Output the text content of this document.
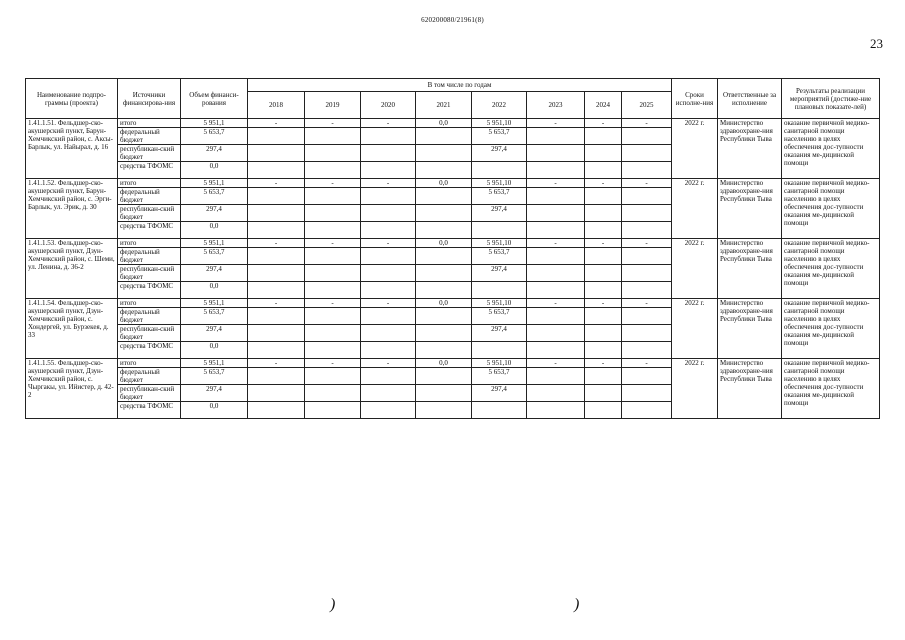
620200080/21961(8)
23
Наименование подпро-граммы (проекта)	Источники финансирова-ния	Объем финанси-рования	В том числе по годам								Сроки исполне-ния	Ответственные за исполнение	Результаты реализации мероприятий (достиже-ние плановых показате-лей)
			2018	2019	2020	2021	2022	2023	2024	2025			
1.41.1.51. Фельдшер-ско-акушерский пункт, Барун-Хемчикский район, с. Аксы-Барлык, ул. Найырал, д. 16	итого	5 951,1	-	-	-	0,0	5 951,10	-	-	-	2022 г.	Министерство здравоохране-ния Республики Тыва	оказание первичной медико-санитарной помощи населению в целях обеспечения дос-тупности оказания ме-дицинской помощи
	федеральный бюджет	5 653,7					5 653,7						
	республикан-ский бюджет	297,4					297,4						
	средства ТФОМС	0,0											
1.41.1.52. Фельдшер-ско-акушерский пункт, Барун-Хемчикский район, с. Эрги-Барлык, ул. Эрик, д. 30	итого	5 951,1	-	-	-	0,0	5 951,10	-	-	-	2022 г.	Министерство здравоохране-ния Республики Тыва	оказание первичной медико-санитарной помощи населению в целях обеспечения дос-тупности оказания ме-дицинской помощи
	федеральный бюджет	5 653,7					5 653,7						
	республикан-ский бюджет	297,4					297,4						
	средства ТФОМС	0,0											
1.41.1.53. Фельдшер-ско-акушерский пункт, Дзун-Хемчикский район, с. Шеми, ул. Ленина, д. 36-2	итого	5 951,1	-	-	-	0,0	5 951,10	-	-	-	2022 г.	Министерство здравоохране-ния Республики Тыва	оказание первичной медико-санитарной помощи населению в целях обеспечения дос-тупности оказания ме-дицинской помощи
	федеральный бюджет	5 653,7					5 653,7						
	республикан-ский бюджет	297,4					297,4						
	средства ТФОМС	0,0											
1.41.1.54. Фельдшер-ско-акушерский пункт, Дзун-Хемчикский район, с. Хондергей, ул. Бурзекея, д. 33	итого	5 951,1	-	-	-	0,0	5 951,10	-	-	-	2022 г.	Министерство здравоохране-ния Республики Тыва	оказание первичной медико-санитарной помощи населению в целях обеспечения дос-тупности оказания ме-дицинской помощи
	федеральный бюджет	5 653,7					5 653,7						
	республикан-ский бюджет	297,4					297,4						
	средства ТФОМС	0,0											
1.41.1.55. Фельдшер-ско-акушерский пункт, Дзун-Хемчикский район, с. Чыргакы, ул. Ийистер, д. 42-2	итого	5 951,1	-	-	-	0,0	5 951,10	-	-	-	2022 г.	Министерство здравоохране-ния Республики Тыва	оказание первичной медико-санитарной помощи населению в целях обеспечения дос-тупности оказания ме-дицинской помощи
	федеральный бюджет	5 653,7					5 653,7						
	республикан-ский бюджет	297,4					297,4						
	средства ТФОМС	0,0											
)	)
